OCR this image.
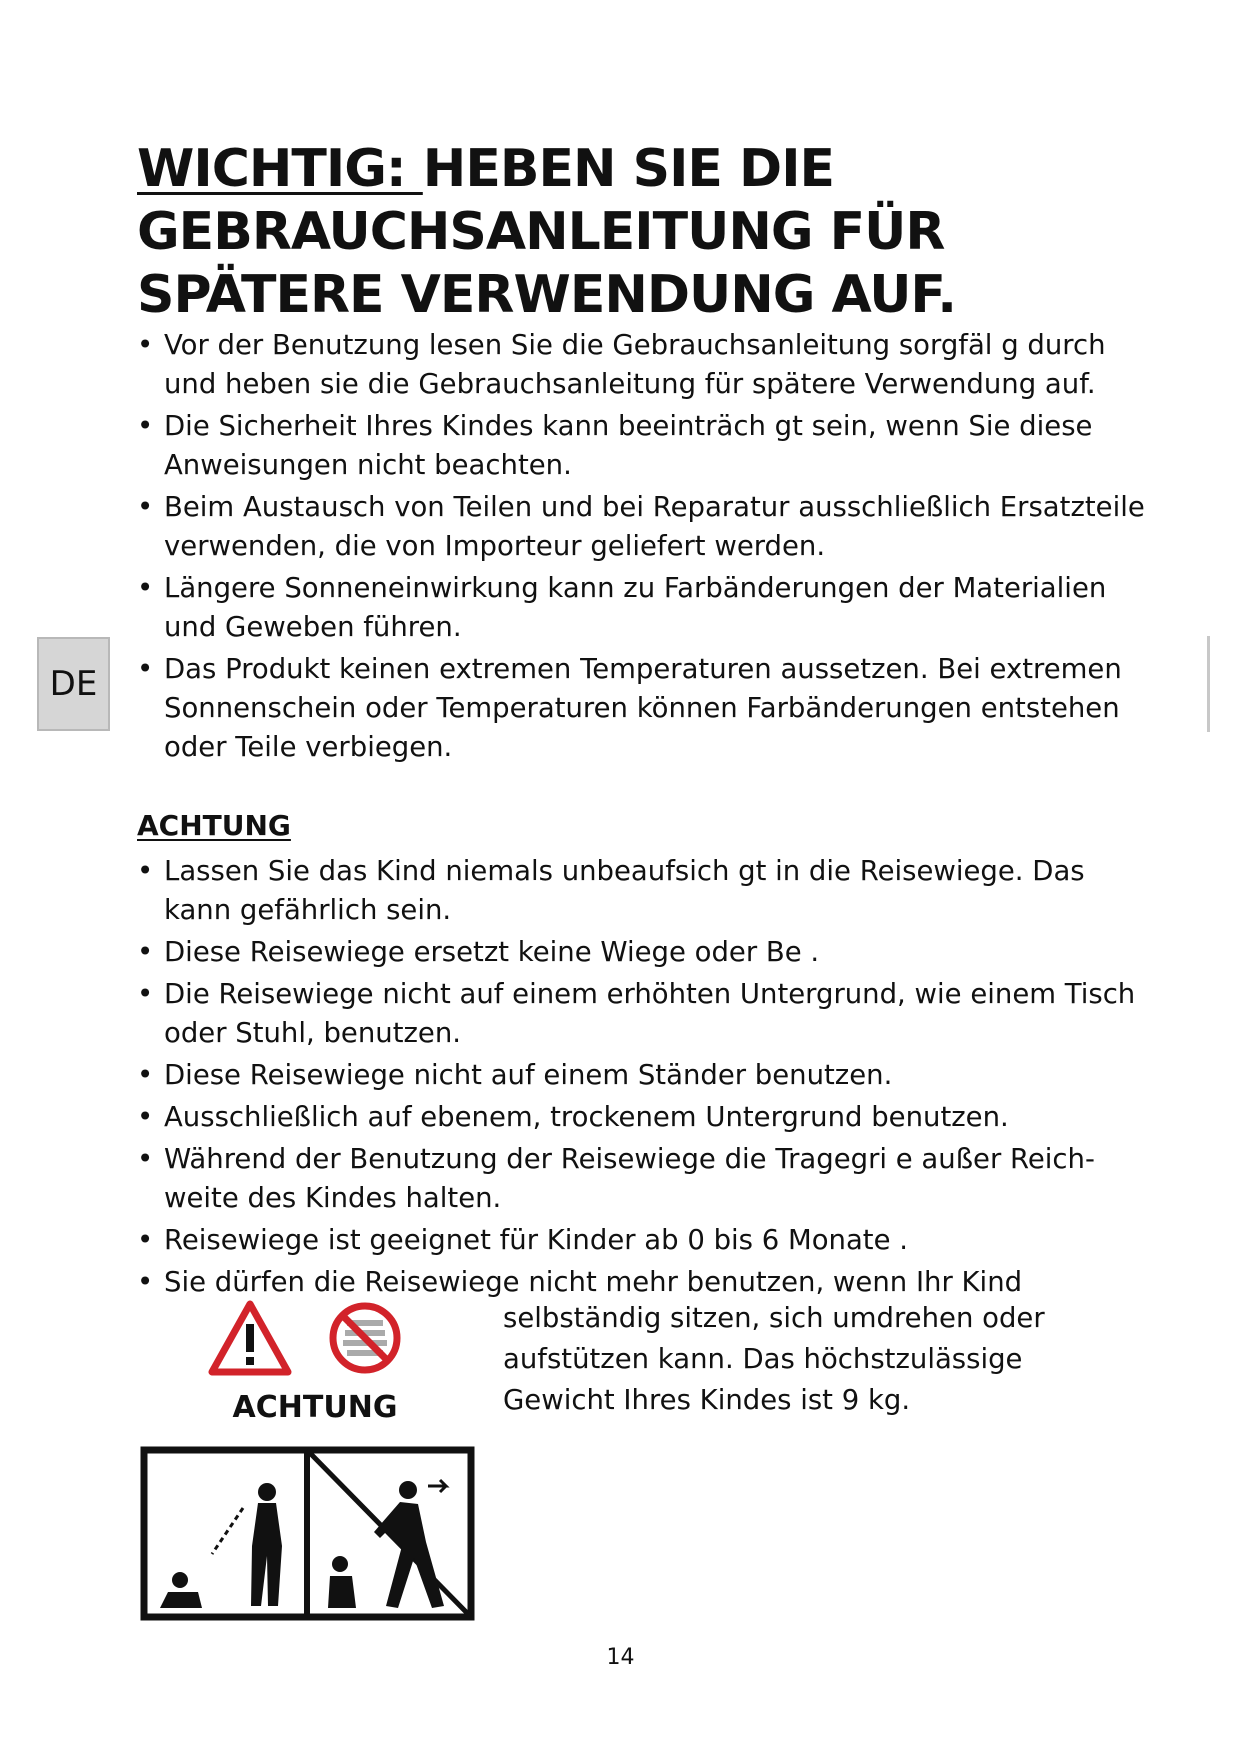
WICHTIG: HEBEN SIE DIE
GEBRAUCHSANLEITUNG FÜR
SPÄTERE VERWENDUNG AUF.
DE
• Vor der Benutzung lesen Sie die Gebrauchsanleitung sorgfäl g durch und heben sie die Gebrauchsanleitung für spätere Verwendung auf.
• Die Sicherheit Ihres Kindes kann beeinträch gt sein, wenn Sie diese Anweisungen nicht beachten.
• Beim Austausch von Teilen und bei Reparatur ausschließlich Ersatzteile verwenden, die von Importeur geliefert werden.
• Längere Sonneneinwirkung kann zu Farbänderungen der Materialien und Geweben führen.
• Das Produkt keinen extremen Temperaturen aussetzen. Bei extremen Sonnenschein oder Temperaturen können Farbänderungen entstehen oder Teile verbiegen.
ACHTUNG
• Lassen Sie das Kind niemals unbeaufsich gt in die Reisewiege. Das kann gefährlich sein.
• Diese Reisewiege ersetzt keine Wiege oder Be .
• Die Reisewiege nicht auf einem erhöhten Untergrund, wie einem Tisch oder Stuhl, benutzen.
• Diese Reisewiege nicht auf einem Ständer benutzen.
• Ausschließlich auf ebenem, trockenem Untergrund benutzen.
• Während der Benutzung der Reisewiege die Tragegri e außer Reich-weite des Kindes halten.
• Reisewiege ist geeignet für Kinder ab 0 bis 6 Monate .
• Sie dürfen die Reisewiege nicht mehr benutzen, wenn Ihr Kind

selbständig sitzen, sich umdrehen oder
aufstützen kann. Das höchstzulässige
Gewicht Ihres Kindes ist 9 kg.

ACHTUNG

14
